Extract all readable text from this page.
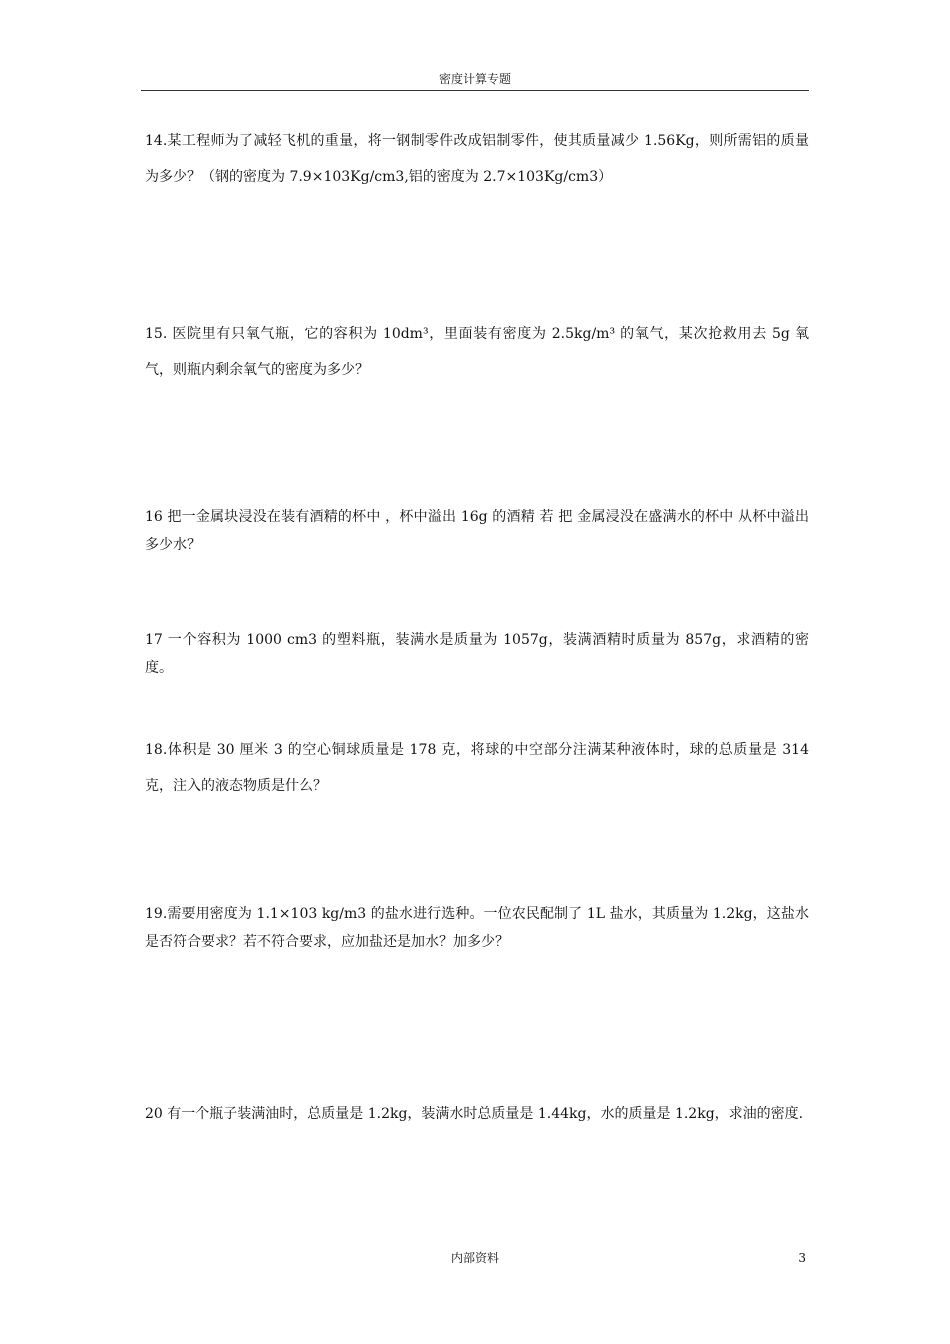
密度计算专题

14.某工程师为了减轻飞机的重量，将一钢制零件改成铝制零件，使其质量减少 1.56Kg，则所需铝的质量为多少？（钢的密度为 7.9×103Kg/cm3,铝的密度为 2.7×103Kg/cm3）

15. 医院里有只氧气瓶，它的容积为 10dm³，里面装有密度为 2.5kg/m³ 的氧气，某次抢救用去 5g 氧气，则瓶内剩余氧气的密度为多少？

16 把一金属块浸没在装有酒精的杯中 ，杯中溢出 16g 的酒精 若 把 金属浸没在盛满水的杯中 从杯中溢出多少水？

17 一个容积为 1000 cm3 的塑料瓶，装满水是质量为 1057g，装满酒精时质量为 857g，求酒精的密度。

18.体积是 30 厘米 3 的空心铜球质量是 178 克，将球的中空部分注满某种液体时，球的总质量是 314 克，注入的液态物质是什么？

19.需要用密度为 1.1×103 kg/m3 的盐水进行选种。一位农民配制了 1L 盐水，其质量为 1.2kg，这盐水是否符合要求？若不符合要求，应加盐还是加水？加多少？

20 有一个瓶子装满油时，总质量是 1.2kg，装满水时总质量是 1.44kg，水的质量是 1.2kg，求油的密度.

内部资料	3
